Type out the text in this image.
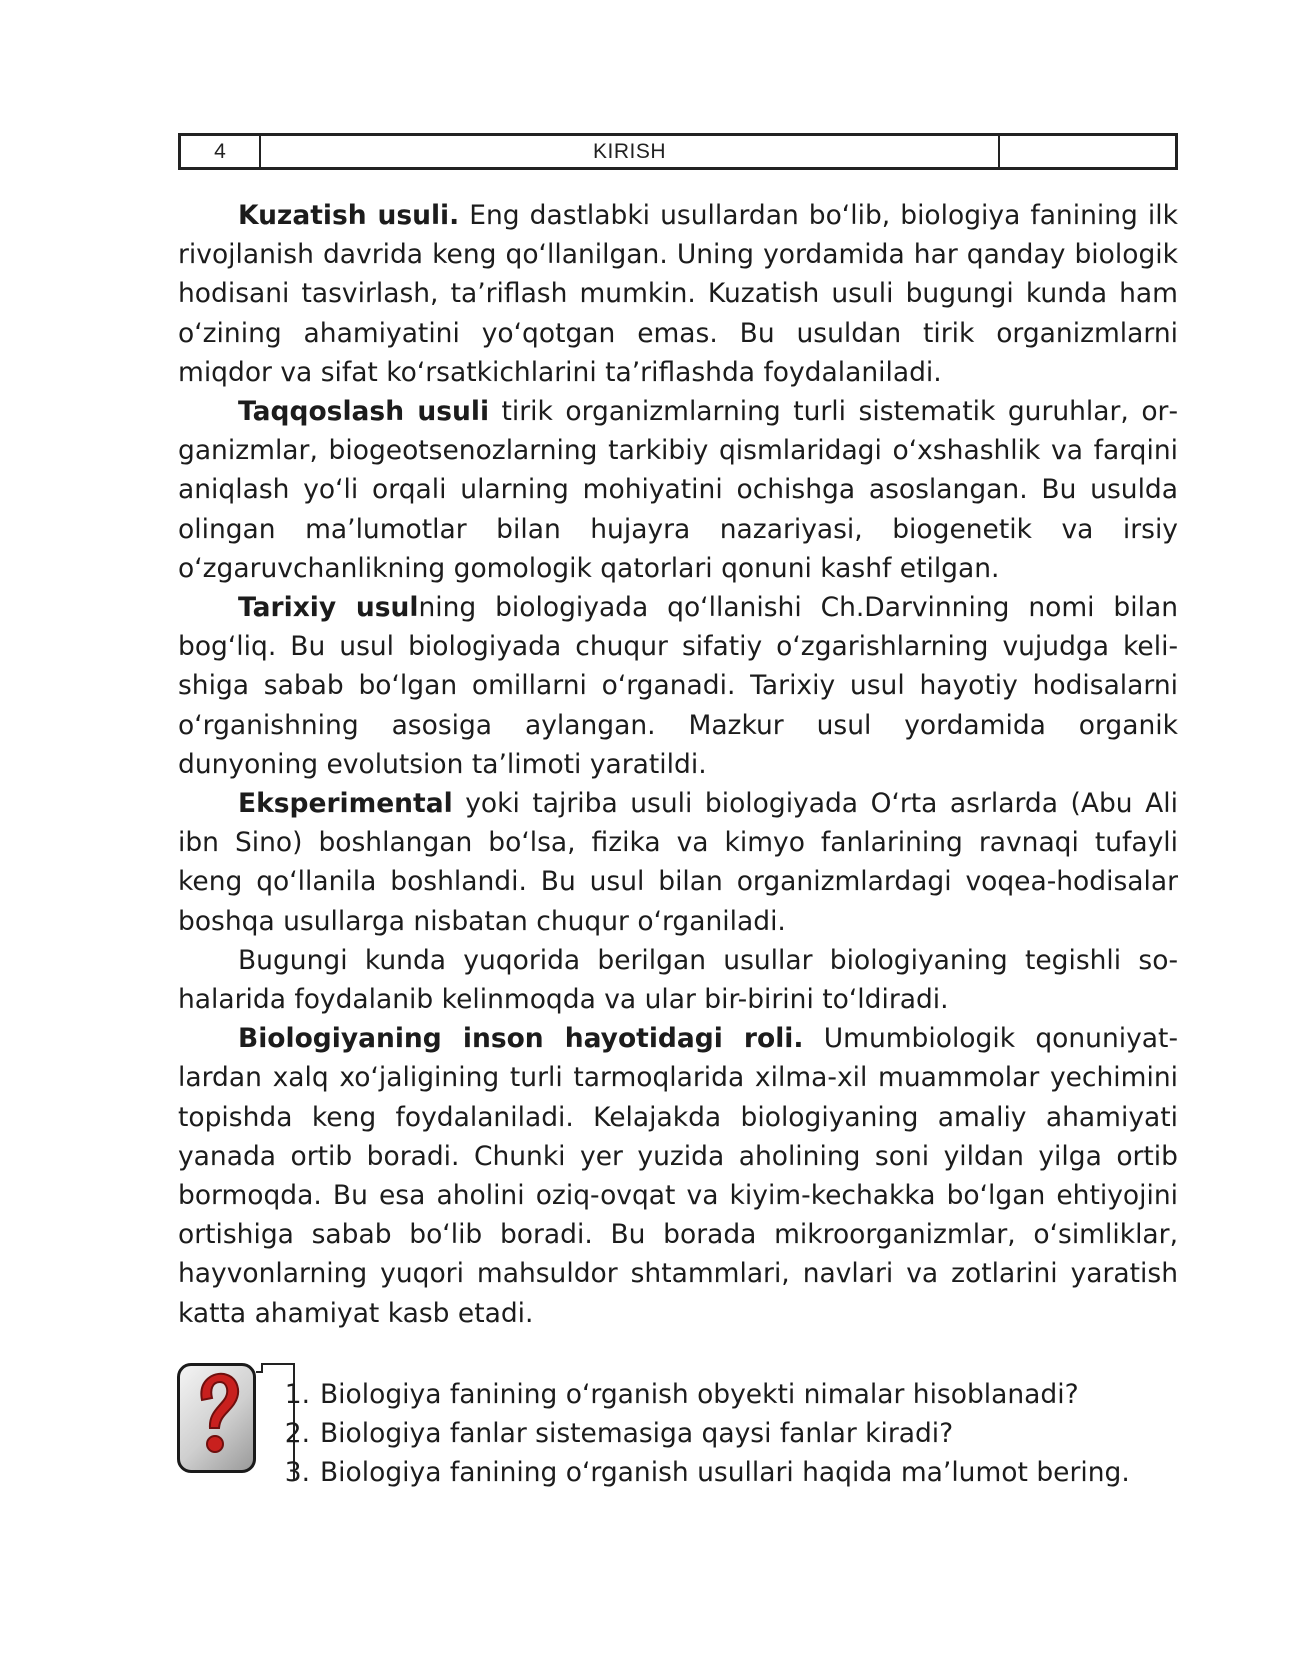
4	KIRISH

Kuzatish usuli. Eng dastlabki usullardan bo‘lib, biologiya fanining ilk rivojlanish davrida keng qo‘llanilgan. Uning yordamida har qanday biologik hodisani tasvirlash, ta’riflash mumkin. Kuzatish usuli bugungi kunda ham o‘zining ahamiyatini yo‘qotgan emas. Bu usuldan tirik organizmlarni miqdor va sifat ko‘rsatkichlarini ta’riflashda foydalaniladi.

Taqqoslash usuli tirik organizmlarning turli sistematik guruhlar, organizmlar, biogeotsenozlarning tarkibiy qismlaridagi o‘xshashlik va farqini aniqlash yo‘li orqali ularning mohiyatini ochishga asoslangan. Bu usulda olingan ma’lumotlar bilan hujayra nazariyasi, biogenetik va irsiy o‘zgaruvchanlikning gomologik qatorlari qonuni kashf etilgan.

Tarixiy usulning biologiyada qo‘llanishi Ch.Darvinning nomi bilan bog‘liq. Bu usul biologiyada chuqur sifatiy o‘zgarishlarning vujudga kelishiga sabab bo‘lgan omillarni o‘rganadi. Tarixiy usul hayotiy hodisalarni o‘rganishning asosiga aylangan. Mazkur usul yordamida organik dunyoning evolutsion ta’limoti yaratildi.

Eksperimental yoki tajriba usuli biologiyada O‘rta asrlarda (Abu Ali ibn Sino) boshlangan bo‘lsa, fizika va kimyo fanlarining ravnaqi tufayli keng qo‘llanila boshlandi. Bu usul bilan organizmlardagi voqea-hodisalar boshqa usullarga nisbatan chuqur o‘rganiladi.

Bugungi kunda yuqorida berilgan usullar biologiyaning tegishli sohalarida foydalanib kelinmoqda va ular bir-birini to‘ldiradi.

Biologiyaning inson hayotidagi roli. Umumbiologik qonuniyatlardan xalq xo‘jaligining turli tarmoqlarida xilma-xil muammolar yechimini topishda keng foydalaniladi. Kelajakda biologiyaning amaliy ahamiyati yanada ortib boradi. Chunki yer yuzida aholining soni yildan yilga ortib bormoqda. Bu esa aholini oziq-ovqat va kiyim-kechakka bo‘lgan ehtiyojini ortishiga sabab bo‘lib boradi. Bu borada mikroorganizmlar, o‘simliklar, hayvonlarning yuqori mahsuldor shtammlari, navlari va zotlarini yaratish katta ahamiyat kasb etadi.

1. Biologiya fanining o‘rganish obyekti nimalar hisoblanadi?
2. Biologiya fanlar sistemasiga qaysi fanlar kiradi?
3. Biologiya fanining o‘rganish usullari haqida ma’lumot bering.
